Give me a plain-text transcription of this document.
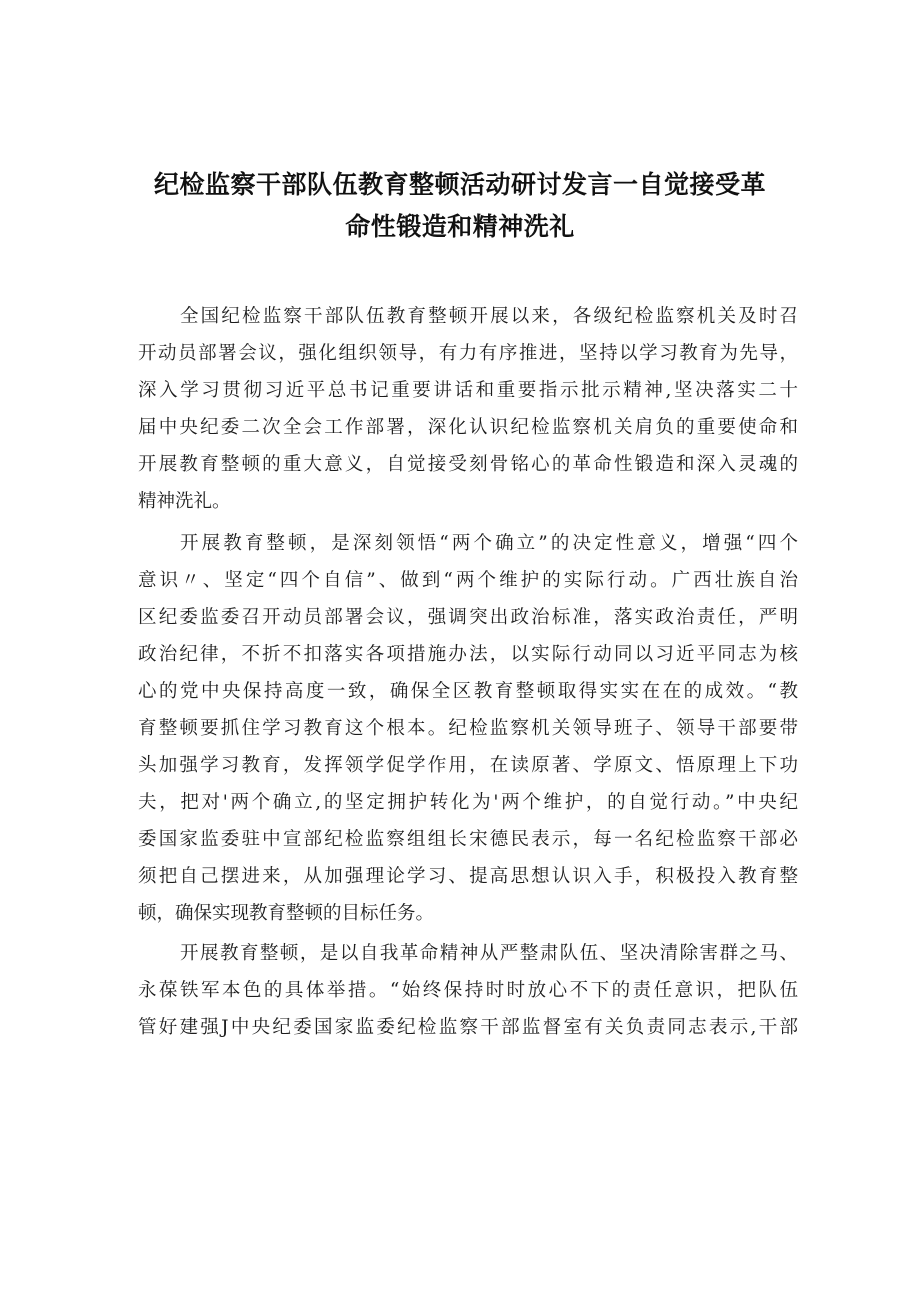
纪检监察干部队伍教育整顿活动研讨发言一自觉接受革
命性锻造和精神洗礼
全国纪检监察干部队伍教育整顿开展以来，各级纪检监察机关及时召
开动员部署会议，强化组织领导，有力有序推进，坚持以学习教育为先导，
深入学习贯彻习近平总书记重要讲话和重要指示批示精神,坚决落实二十
届中央纪委二次全会工作部署，深化认识纪检监察机关肩负的重要使命和
开展教育整顿的重大意义，自觉接受刻骨铭心的革命性锻造和深入灵魂的
精神洗礼。
开展教育整顿，是深刻领悟“两个确立”的决定性意义，增强“四个
意识〃、坚定“四个自信”、做到“两个维护的实际行动。广西壮族自治
区纪委监委召开动员部署会议，强调突出政治标准，落实政治责任，严明
政治纪律，不折不扣落实各项措施办法，以实际行动同以习近平同志为核
心的党中央保持高度一致，确保全区教育整顿取得实实在在的成效。“教
育整顿要抓住学习教育这个根本。纪检监察机关领导班子、领导干部要带
头加强学习教育，发挥领学促学作用，在读原著、学原文、悟原理上下功
夫，把对'两个确立,的坚定拥护转化为'两个维护，的自觉行动。”中央纪
委国家监委驻中宣部纪检监察组组长宋德民表示，每一名纪检监察干部必
须把自己摆进来，从加强理论学习、提高思想认识入手，积极投入教育整
顿，确保实现教育整顿的目标任务。
开展教育整顿，是以自我革命精神从严整肃队伍、坚决清除害群之马、
永葆铁军本色的具体举措。“始终保持时时放心不下的责任意识，把队伍
管好建强J中央纪委国家监委纪检监察干部监督室有关负责同志表示,干部
